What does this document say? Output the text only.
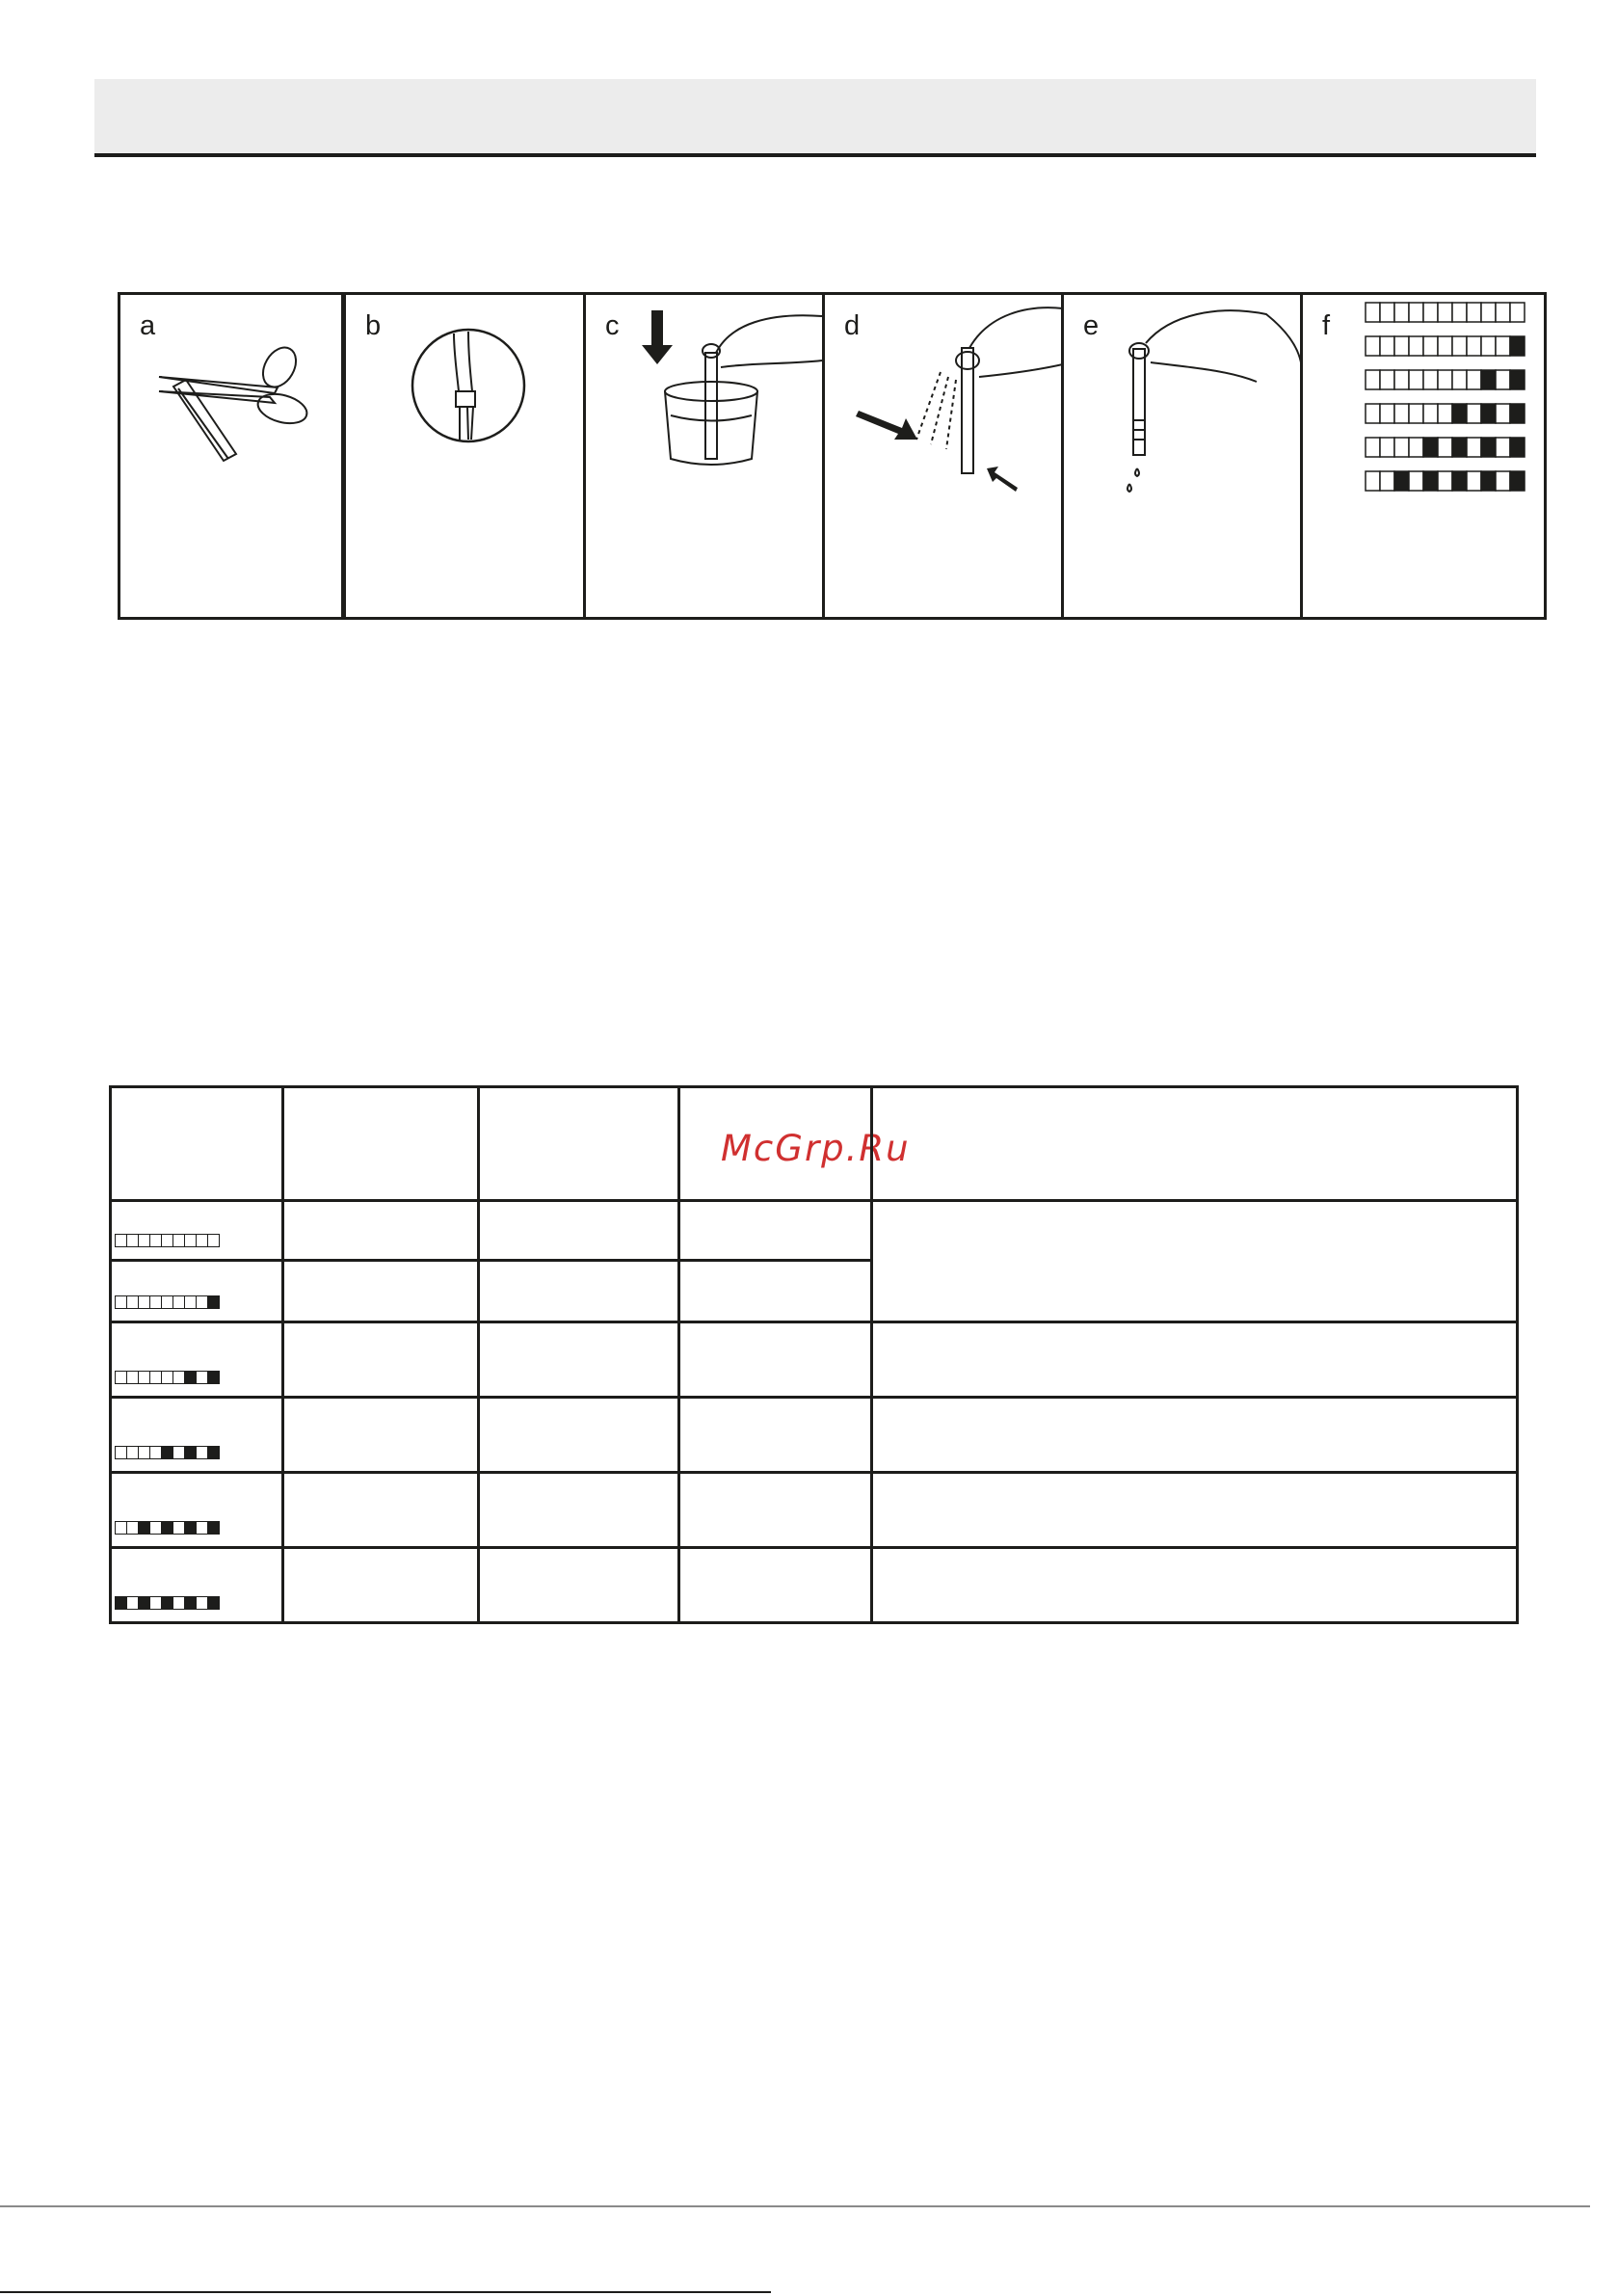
a	b	c	d	e	f
McGrp.Ru
